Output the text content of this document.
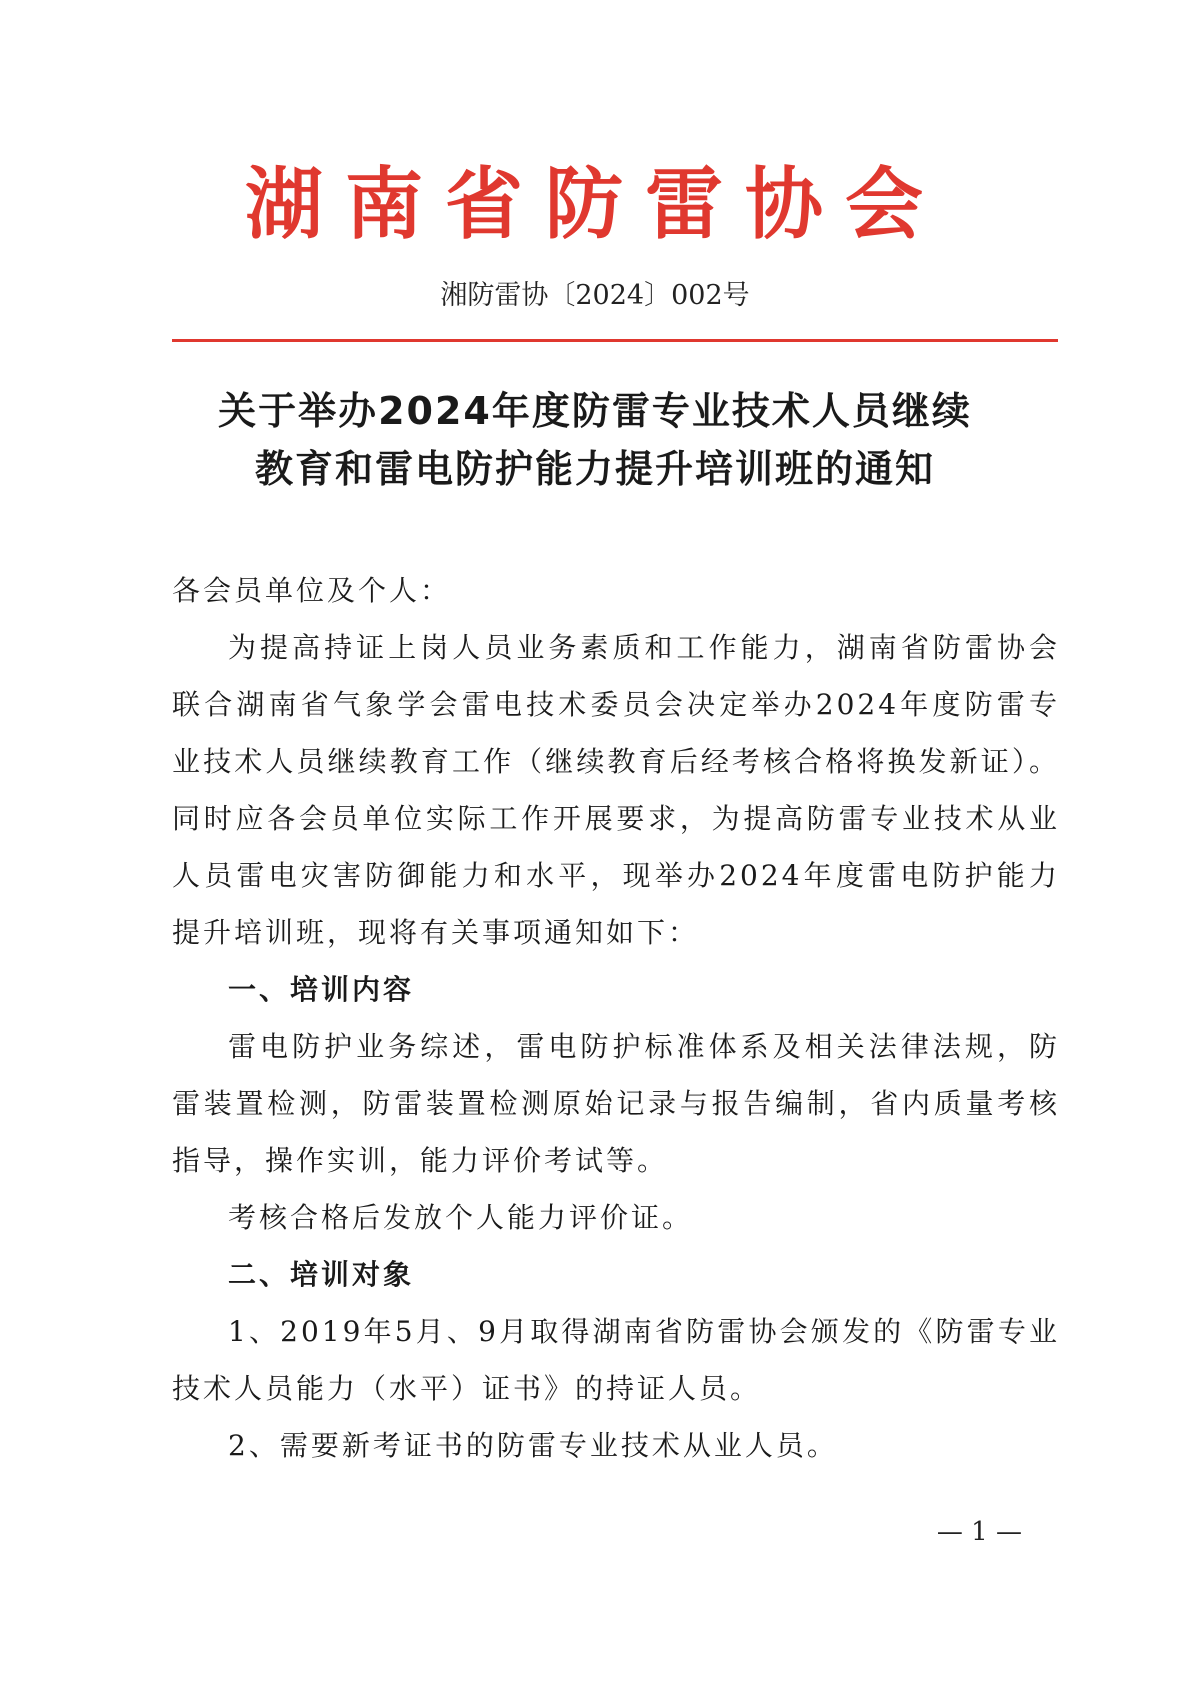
湖南省防雷协会
湘防雷协〔2024〕002号
关于举办2024年度防雷专业技术人员继续
教育和雷电防护能力提升培训班的通知

各会员单位及个人：

为提高持证上岗人员业务素质和工作能力，湖南省防雷协会联合湖南省气象学会雷电技术委员会决定举办2024年度防雷专业技术人员继续教育工作（继续教育后经考核合格将换发新证）。同时应各会员单位实际工作开展要求，为提高防雷专业技术从业人员雷电灾害防御能力和水平，现举办2024年度雷电防护能力提升培训班，现将有关事项通知如下：

一、培训内容

雷电防护业务综述，雷电防护标准体系及相关法律法规，防雷装置检测，防雷装置检测原始记录与报告编制，省内质量考核指导，操作实训，能力评价考试等。

考核合格后发放个人能力评价证。

二、培训对象

1、2019年5月、9月取得湖南省防雷协会颁发的《防雷专业技术人员能力（水平）证书》的持证人员。

2、需要新考证书的防雷专业技术从业人员。

— 1 —
